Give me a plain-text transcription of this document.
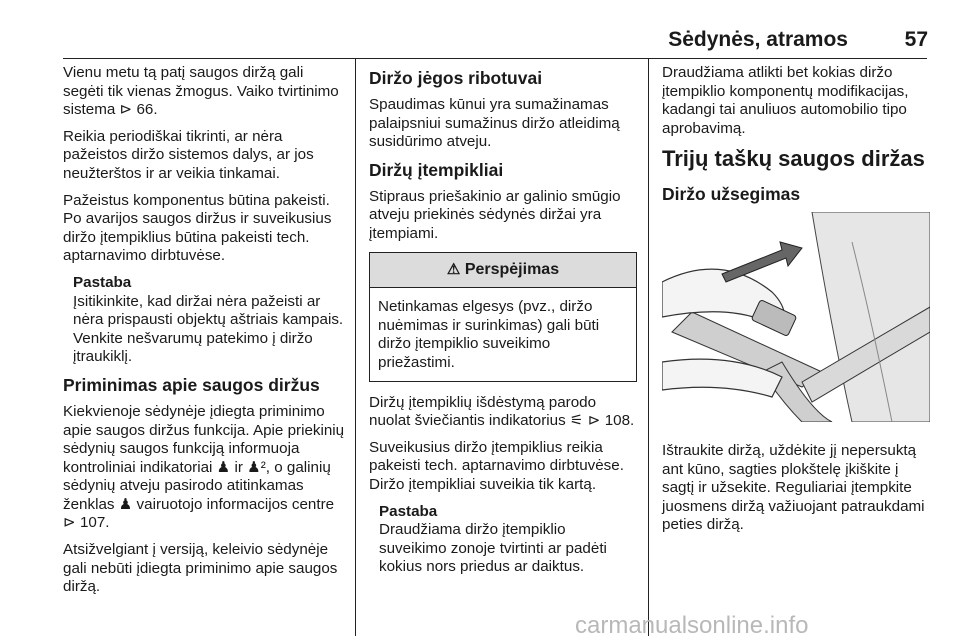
Sėdynės, atramos	57

Vienu metu tą patį saugos diržą gali segėti tik vienas žmogus. Vaiko tvirtinimo sistema ⊳ 66.

Reikia periodiškai tikrinti, ar nėra pažeistos diržo sistemos dalys, ar jos neužterštos ir ar veikia tinkamai.

Pažeistus komponentus būtina pakeisti. Po avarijos saugos diržus ir suveikusius diržo įtempiklius būtina pakeisti tech. aptarnavimo dirbtuvėse.

Pastaba
Įsitikinkite, kad diržai nėra pažeisti ar nėra prispausti objektų aštriais kampais. Venkite nešvarumų patekimo į diržo įtraukiklį.
Priminimas apie saugos diržus

Kiekvienoje sėdynėje įdiegta priminimo apie saugos diržus funkcija. Apie priekinių sėdynių saugos funkciją informuoja kontroliniai indikatoriai ♟ ir ♟², o galinių sėdynių atveju pasirodo atitinkamas ženklas ♟ vairuotojo informacijos centre ⊳ 107.

Atsižvelgiant į versiją, keleivio sėdynėje gali nebūti įdiegta priminimo apie saugos diržą.

Diržo jėgos ribotuvai

Spaudimas kūnui yra sumažinamas palaipsniui sumažinus diržo atleidimą susidūrimo atveju.

Diržų įtempikliai

Stipraus priešakinio ar galinio smūgio atveju priekinės sėdynės diržai yra įtempiami.

⚠ Perspėjimas
Netinkamas elgesys (pvz., diržo nuėmimas ir surinkimas) gali būti diržo įtempiklio suveikimo priežastimi.

Diržų įtempiklių išdėstymą parodo nuolat šviečiantis indikatorius ⚟ ⊳ 108.

Suveikusius diržo įtempiklius reikia pakeisti tech. aptarnavimo dirbtuvėse. Diržo įtempikliai suveikia tik kartą.

Pastaba
Draudžiama diržo įtempiklio suveikimo zonoje tvirtinti ar padėti kokius nors priedus ar daiktus.

Draudžiama atlikti bet kokias diržo įtempiklio komponentų modifikacijas, kadangi tai anuliuos automobilio tipo aprobavimą.

Trijų taškų saugos diržas
Diržo užsegimas

Ištraukite diržą, uždėkite jį nepersuktą ant kūno, sagties plokštelę įkiškite į sagtį ir užsekite. Reguliariai įtempkite juosmens diržą važiuojant patraukdami peties diržą.

carmanualsonline.info
